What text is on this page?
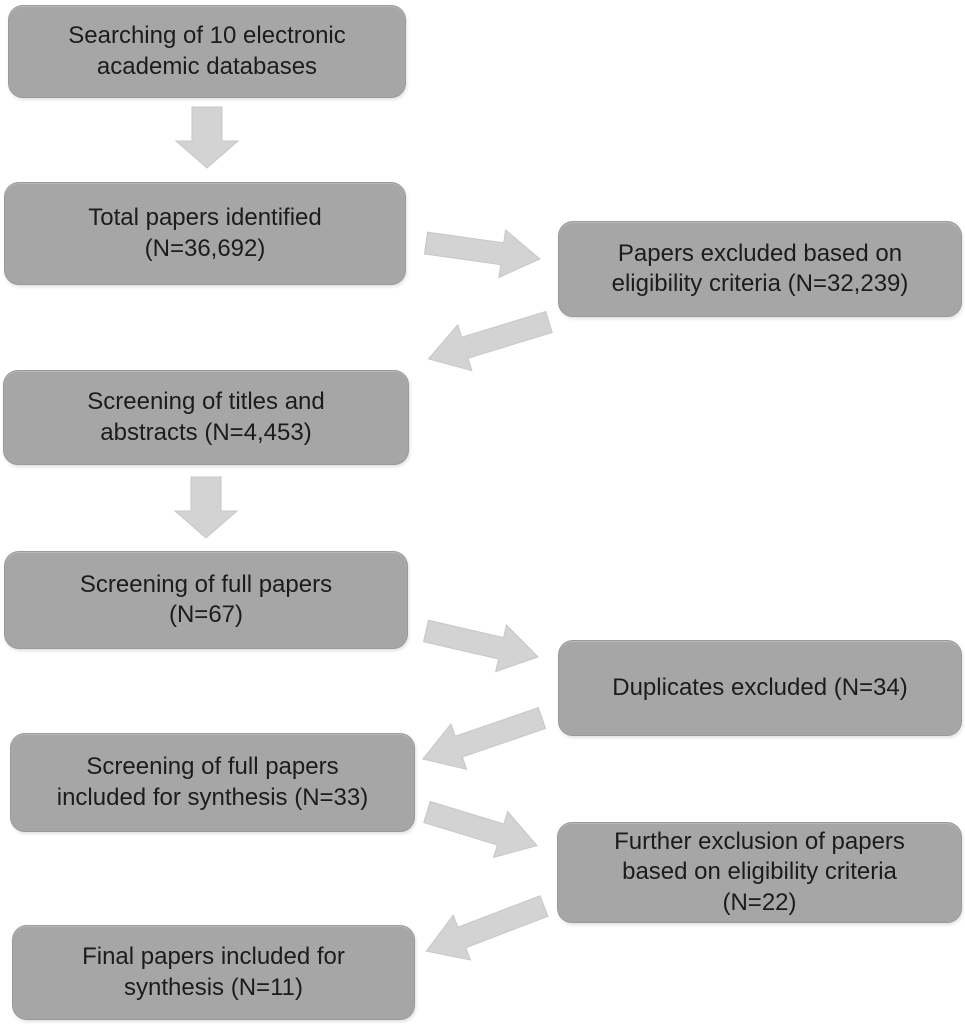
Searching of 10 electronic
academic databases
Total papers identified
(N=36,692)	Papers excluded based on
eligibility criteria (N=32,239)
Screening of titles and
abstracts (N=4,453)
Screening of full papers
(N=67)
Duplicates excluded (N=34)
Screening of full papers
included for synthesis (N=33)
Further exclusion of papers
based on eligibility criteria
(N=22)
Final papers included for
synthesis (N=11)
